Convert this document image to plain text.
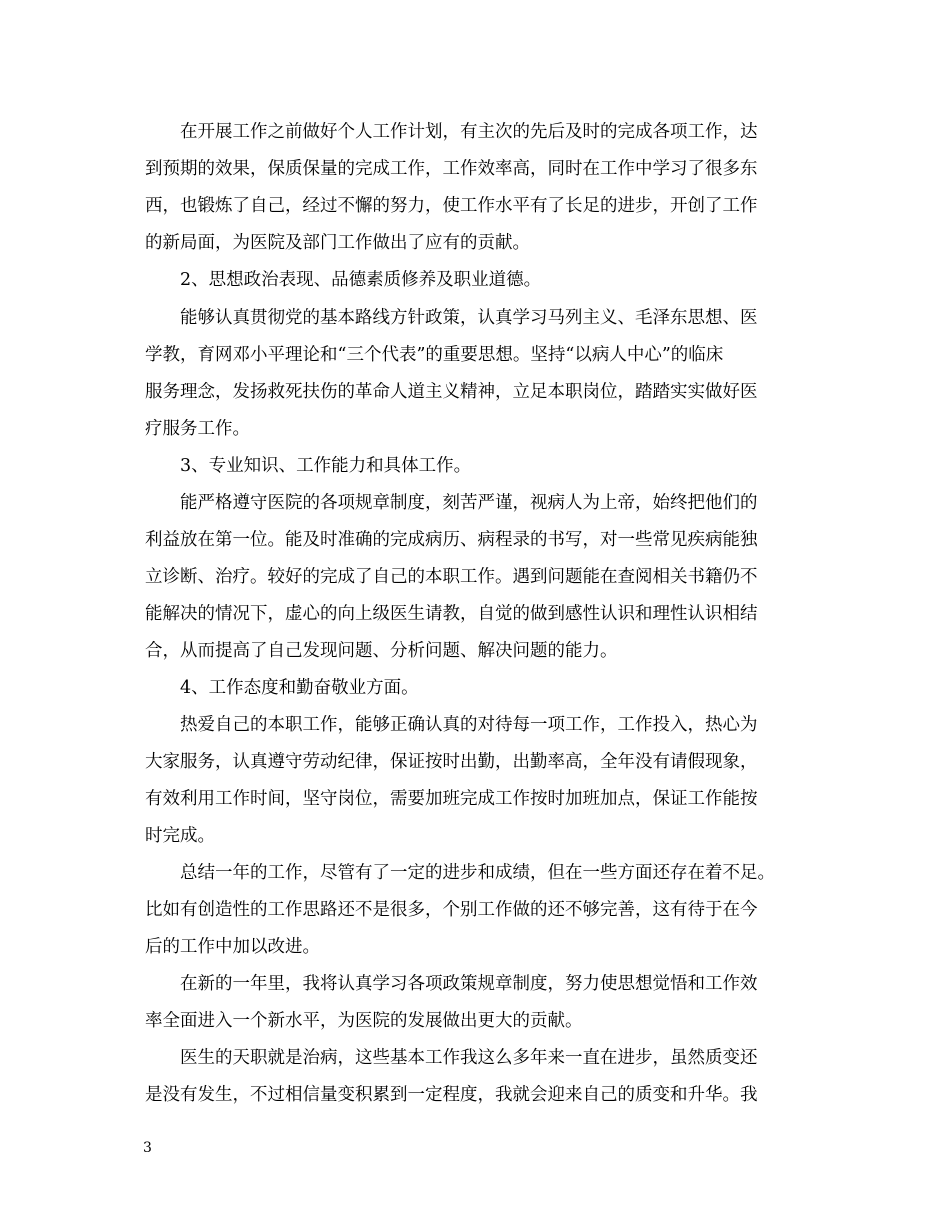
在开展工作之前做好个人工作计划，有主次的先后及时的完成各项工作，达
到预期的效果，保质保量的完成工作，工作效率高，同时在工作中学习了很多东
西，也锻炼了自己，经过不懈的努力，使工作水平有了长足的进步，开创了工作
的新局面，为医院及部门工作做出了应有的贡献。
2、思想政治表现、品德素质修养及职业道德。
能够认真贯彻党的基本路线方针政策，认真学习马列主义、毛泽东思想、医
学教，育网邓小平理论和“三个代表”的重要思想。坚持“以病人中心”的临床
服务理念，发扬救死扶伤的革命人道主义精神，立足本职岗位，踏踏实实做好医
疗服务工作。
3、专业知识、工作能力和具体工作。
能严格遵守医院的各项规章制度，刻苦严谨，视病人为上帝，始终把他们的
利益放在第一位。能及时准确的完成病历、病程录的书写，对一些常见疾病能独
立诊断、治疗。较好的完成了自己的本职工作。遇到问题能在查阅相关书籍仍不
能解决的情况下，虚心的向上级医生请教，自觉的做到感性认识和理性认识相结
合，从而提高了自己发现问题、分析问题、解决问题的能力。
4、工作态度和勤奋敬业方面。
热爱自己的本职工作，能够正确认真的对待每一项工作，工作投入，热心为
大家服务，认真遵守劳动纪律，保证按时出勤，出勤率高，全年没有请假现象，
有效利用工作时间，坚守岗位，需要加班完成工作按时加班加点，保证工作能按
时完成。
总结一年的工作，尽管有了一定的进步和成绩，但在一些方面还存在着不足。
比如有创造性的工作思路还不是很多，个别工作做的还不够完善，这有待于在今
后的工作中加以改进。
在新的一年里，我将认真学习各项政策规章制度，努力使思想觉悟和工作效
率全面进入一个新水平，为医院的发展做出更大的贡献。
医生的天职就是治病，这些基本工作我这么多年来一直在进步，虽然质变还
是没有发生，不过相信量变积累到一定程度，我就会迎来自己的质变和升华。我
3
